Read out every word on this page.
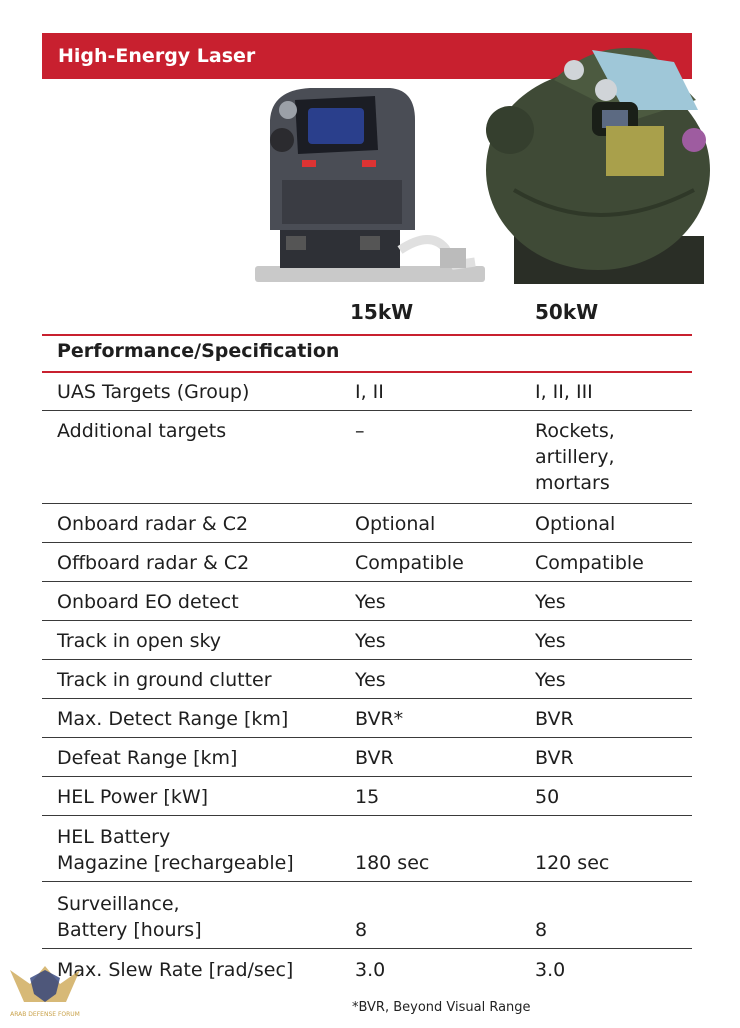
High-Energy Laser
15kW	50kW
Performance/Specification
UAS Targets (Group)	I, II	I, II, III
Additional targets	–	Rockets,
artillery,
mortars
Onboard radar & C2	Optional	Optional
Offboard radar & C2	Compatible	Compatible
Onboard EO detect	Yes	Yes
Track in open sky	Yes	Yes
Track in ground clutter	Yes	Yes
Max. Detect Range [km]	BVR*	BVR
Defeat Range [km]	BVR	BVR
HEL Power [kW]	15	50
HEL Battery
Magazine [rechargeable]	180 sec	120 sec
Surveillance,
Battery [hours]	8	8
Max. Slew Rate [rad/sec]	3.0	3.0
*BVR, Beyond Visual Range
ARAB DEFENSE FORUM
